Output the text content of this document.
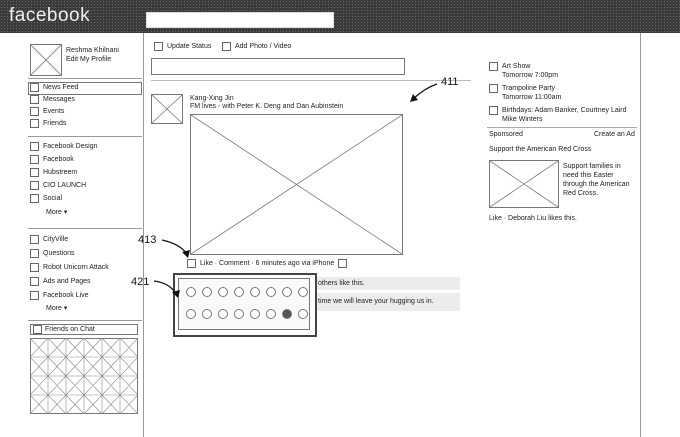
facebook
Reshma Khilnani
Edit My Profile
News Feed
Messages
Events
Friends
Facebook Design
Facebook
Hubstreem
CIO LAUNCH
Social
More ▾
CityVille
Questions
Robot Unicorn Attack
Ads and Pages
Facebook Live
More ▾
Friends on Chat
Update Status	Add Photo / Video
Kang-Xing Jin
FM lives - with Peter K. Deng and Dan Aubinstein
Like · Comment · 6 minutes ago via iPhone
others like this.
time we will leave your hugging us in.
Art Show
Tomorrow 7:00pm
Trampoline Party
Tomorrow 11:00am
Birthdays: Adam Banker, Courtney Laird
Mike Winters
Sponsored	Create an Ad
Support the American Red Cross
Support families in
need this Easter
through the American
Red Cross.
Like · Deborah Liu likes this.
411
413
421
